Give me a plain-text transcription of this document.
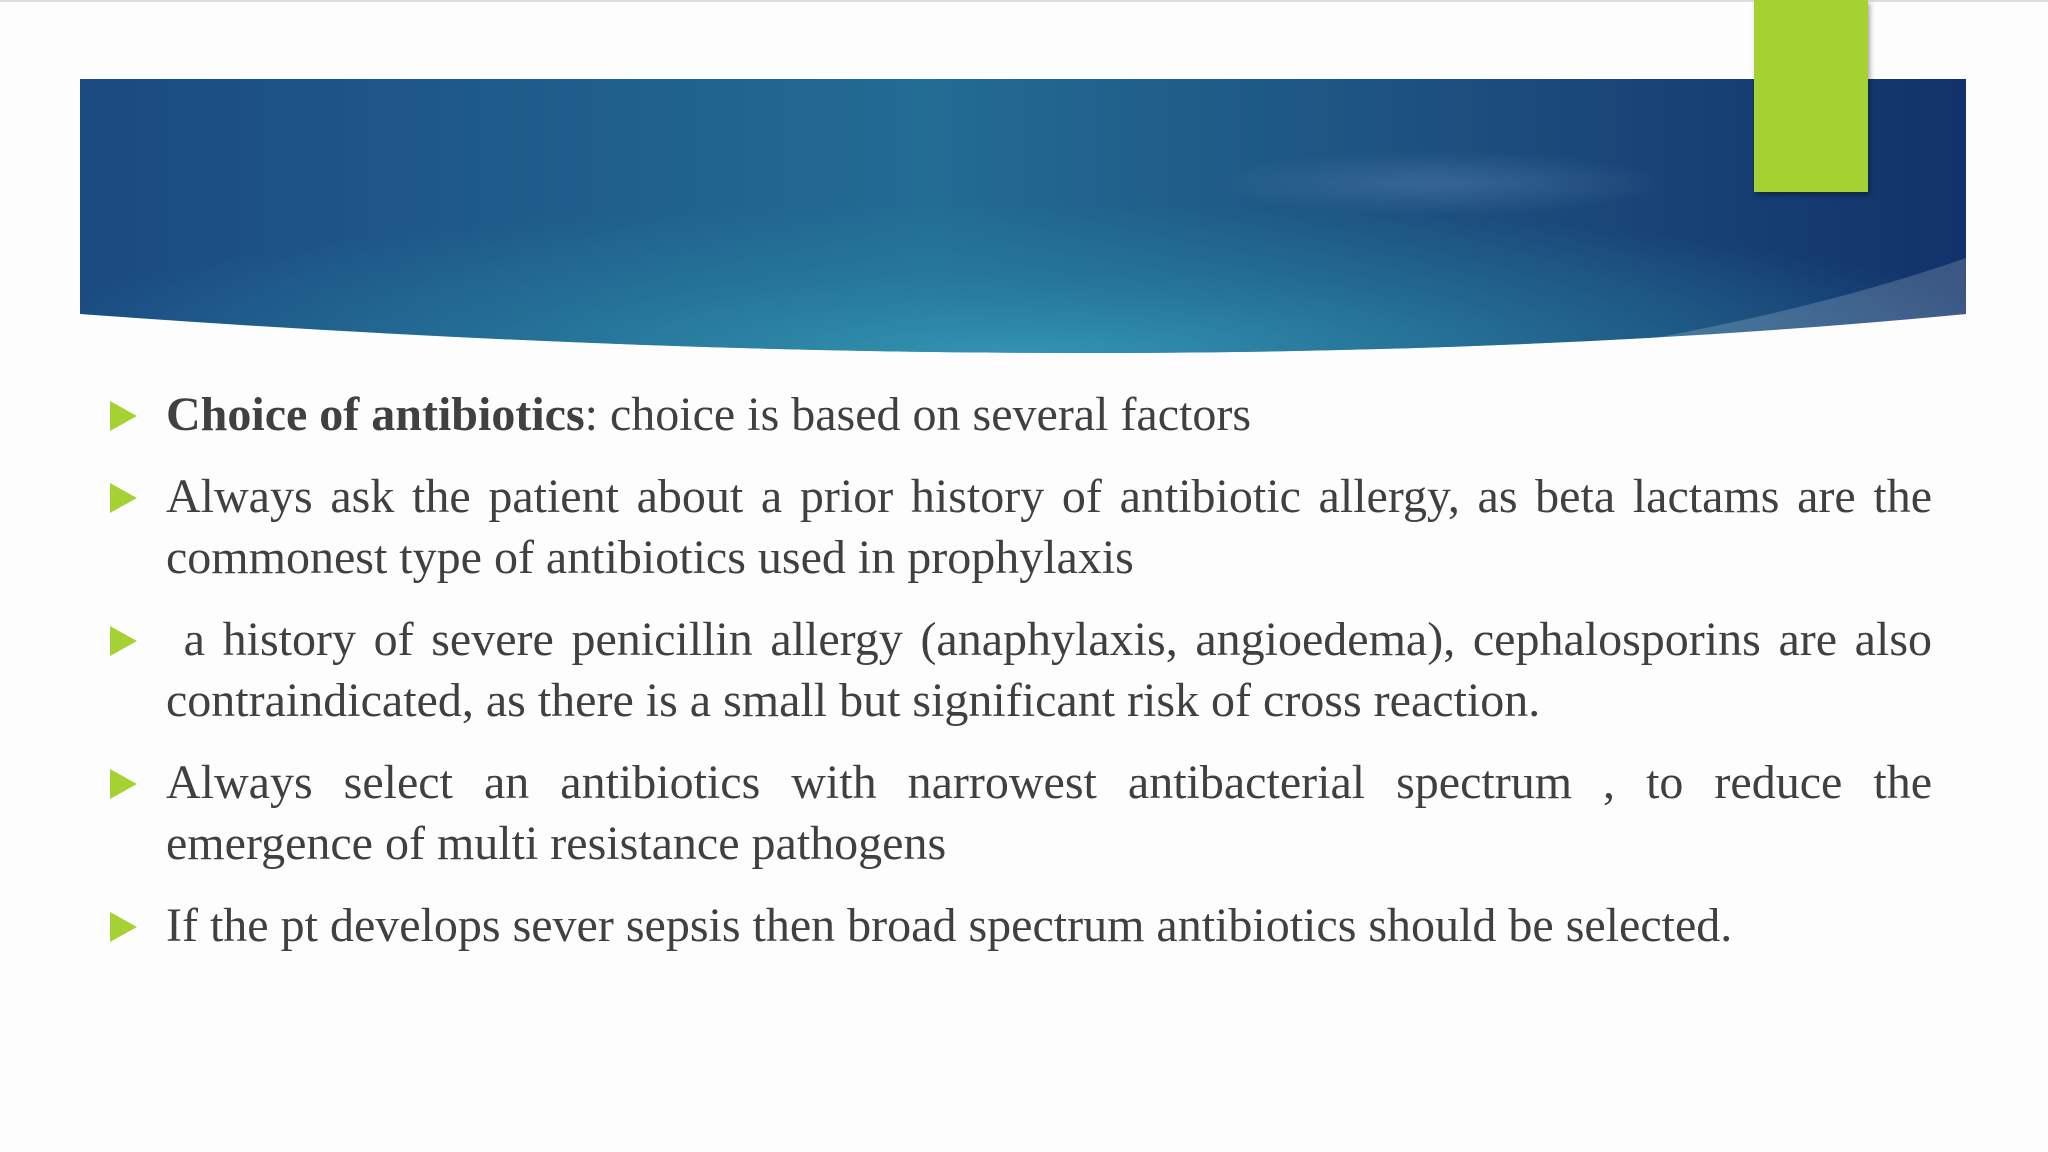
Choice of antibiotics: choice is based on several factors
Always ask the patient about a prior history of antibiotic allergy, as beta lactams are the commonest type of antibiotics used in prophylaxis
a history of severe penicillin allergy (anaphylaxis, angioedema), cephalosporins are also contraindicated, as there is a small but significant risk of cross reaction.
Always select an antibiotics with narrowest antibacterial spectrum , to reduce the emergence of multi resistance pathogens
If the pt develops sever sepsis then broad spectrum antibiotics should be selected.
